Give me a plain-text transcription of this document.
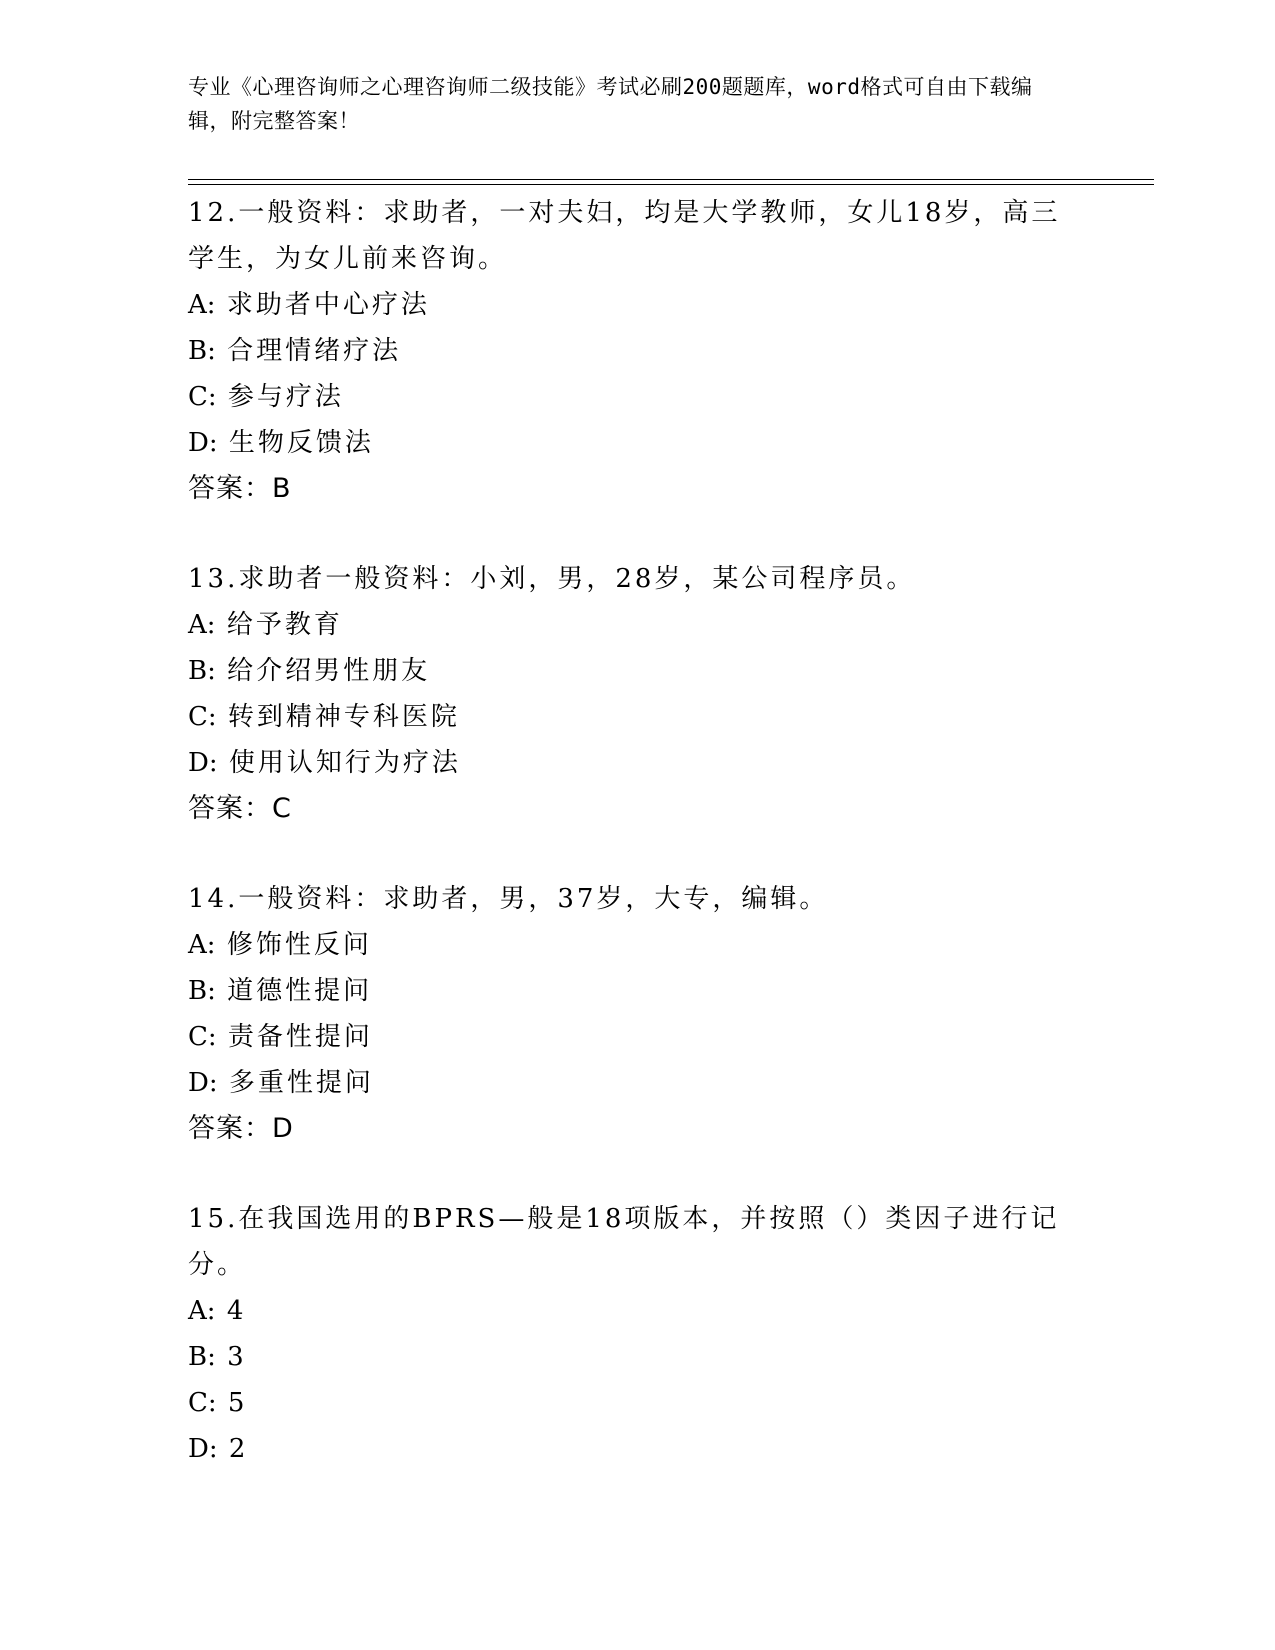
专业《心理咨询师之心理咨询师二级技能》考试必刷200题题库，word格式可自由下载编辑，附完整答案！

12.一般资料：求助者，一对夫妇，均是大学教师，女儿18岁，高三学生，为女儿前来咨询。

A: 求助者中心疗法

B: 合理情绪疗法

C: 参与疗法

D: 生物反馈法

答案：B

13.求助者一般资料：小刘，男，28岁，某公司程序员。

A: 给予教育

B: 给介绍男性朋友

C: 转到精神专科医院

D: 使用认知行为疗法

答案：C

14.一般资料：求助者，男，37岁，大专，编辑。

A: 修饰性反问

B: 道德性提问

C: 责备性提问

D: 多重性提问

答案：D

15.在我国选用的BPRS—般是18项版本，并按照（）类因子进行记分。

A: 4

B: 3

C: 5

D: 2
